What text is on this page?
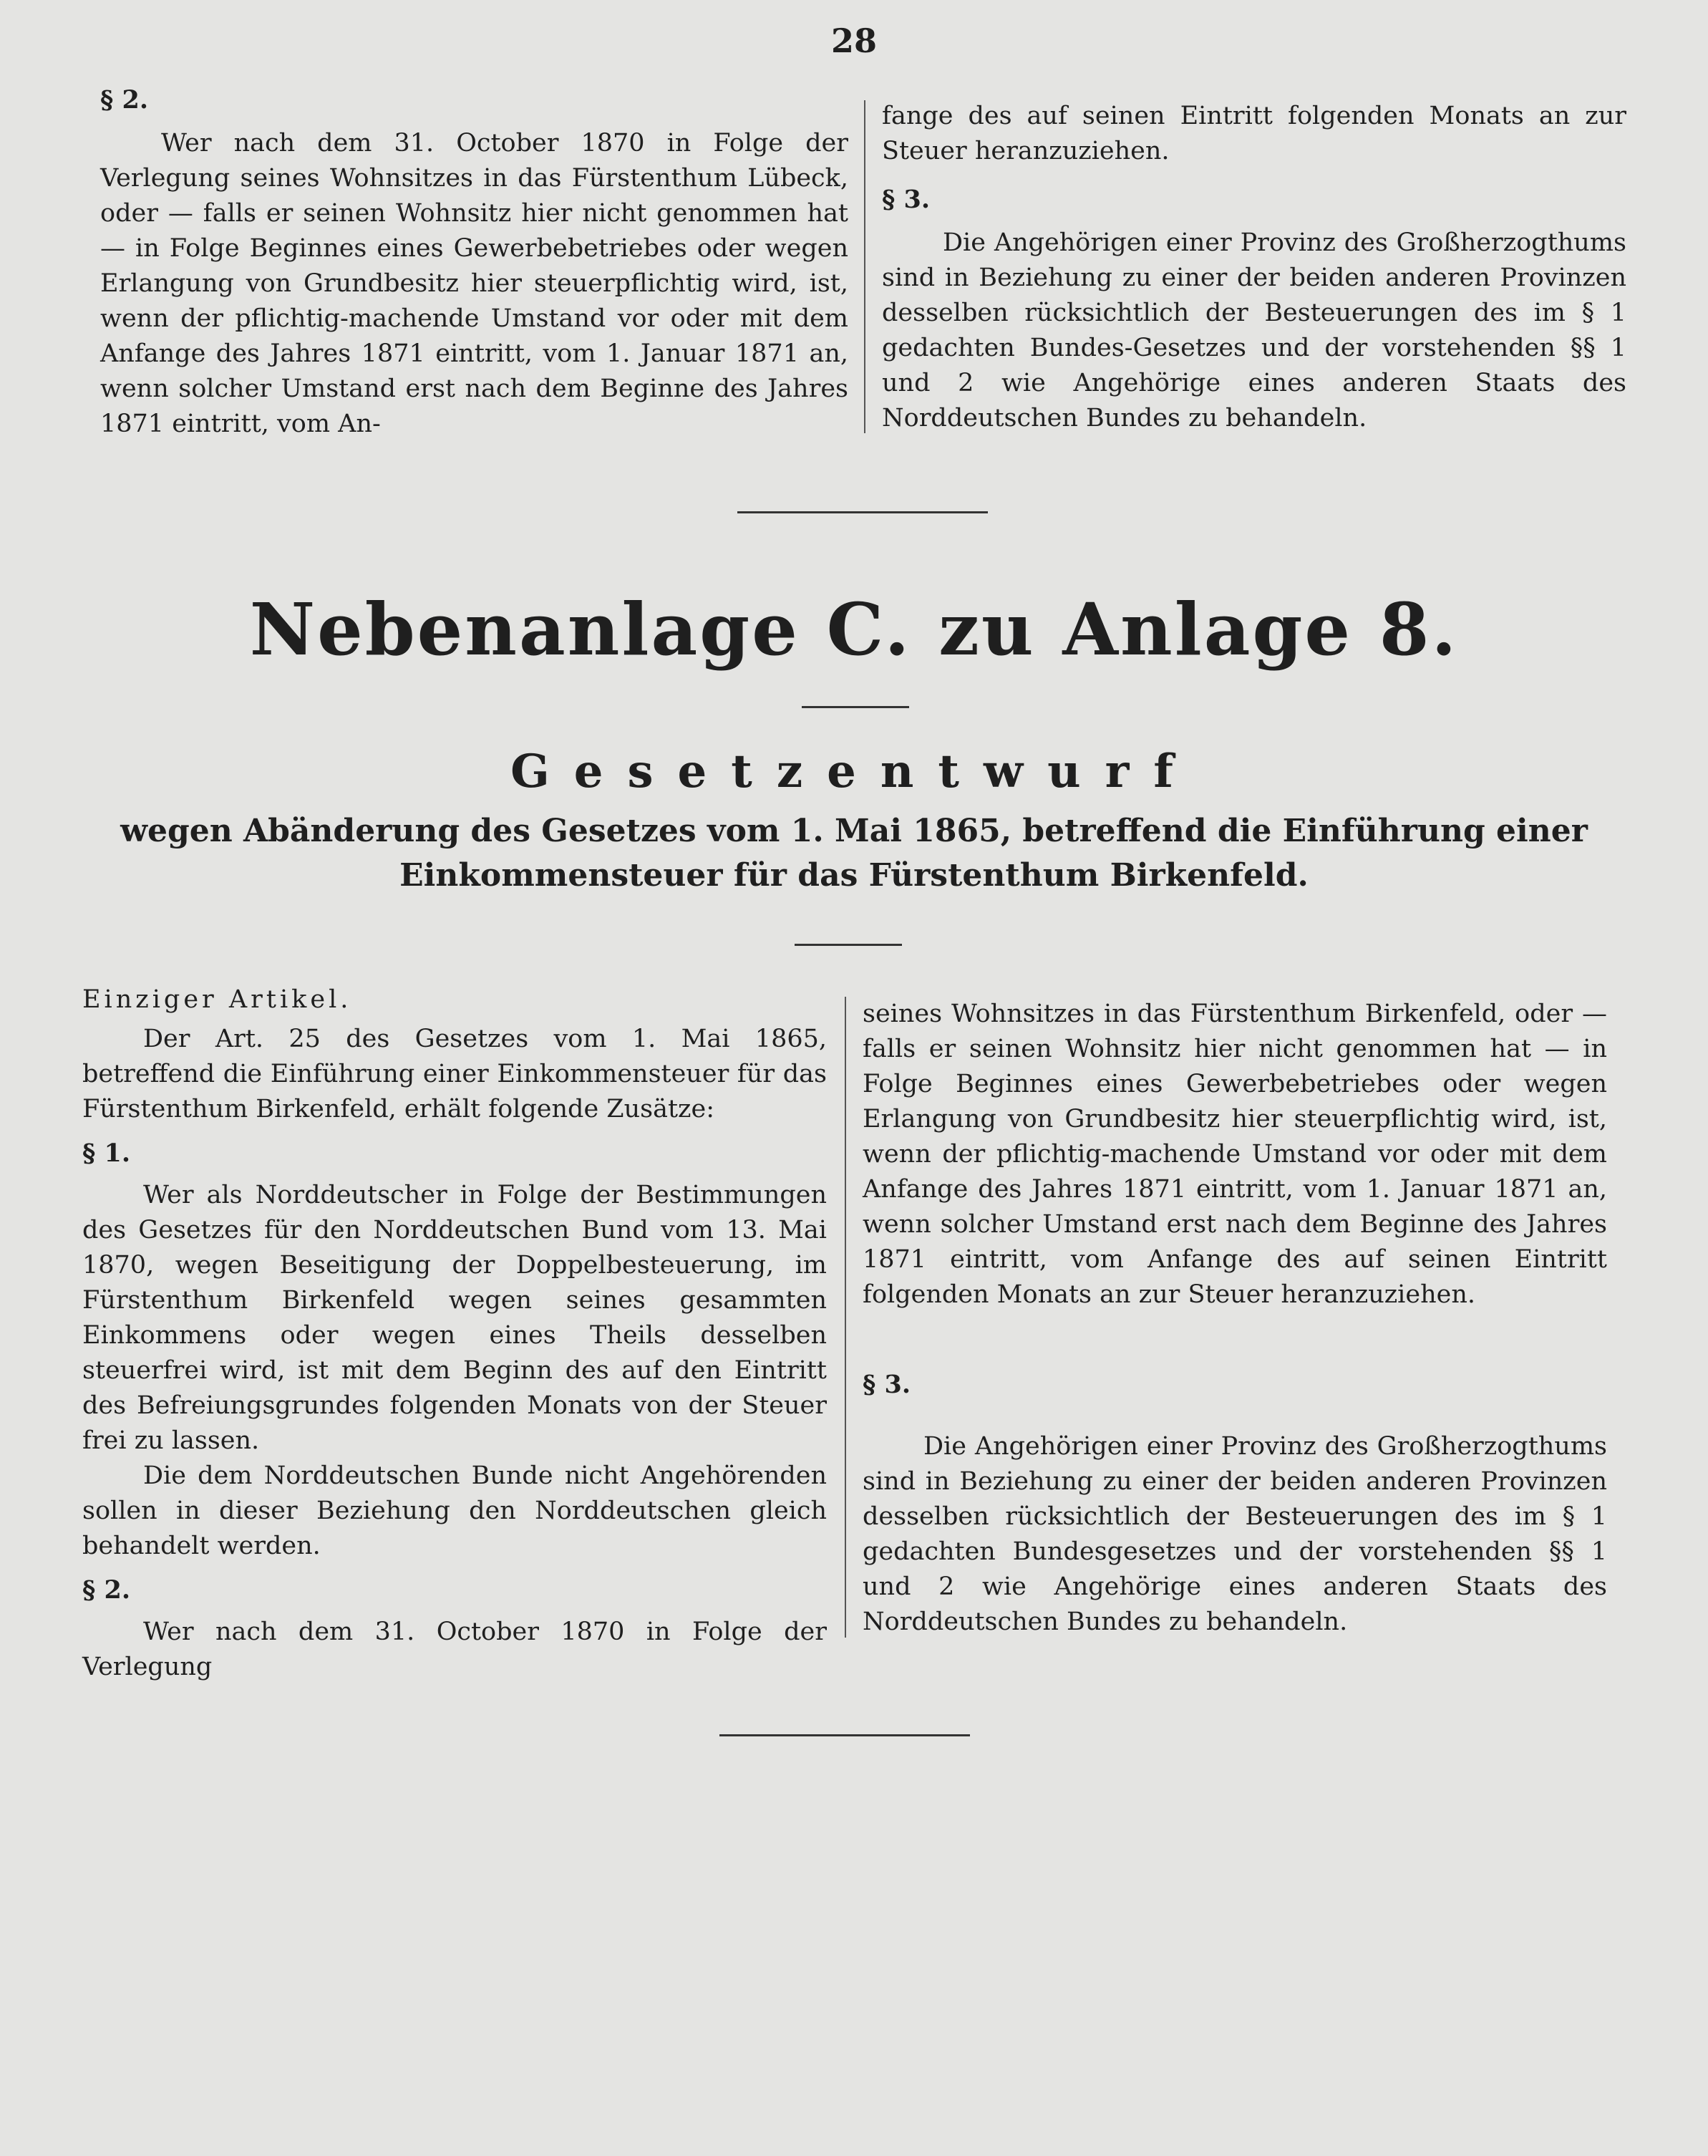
28

§ 2.

Wer nach dem 31. October 1870 in Folge der Verlegung seines Wohnsitzes in das Fürstenthum Lübeck, oder — falls er seinen Wohnsitz hier nicht genommen hat — in Folge Beginnes eines Gewerbebetriebes oder wegen Erlangung von Grundbesitz hier steuerpflichtig wird, ist, wenn der pflichtig-machende Umstand vor oder mit dem Anfange des Jahres 1871 eintritt, vom 1. Januar 1871 an, wenn solcher Umstand erst nach dem Beginne des Jahres 1871 eintritt, vom An-

fange des auf seinen Eintritt folgenden Monats an zur Steuer heranzuziehen.

§ 3.

Die Angehörigen einer Provinz des Großherzogthums sind in Beziehung zu einer der beiden anderen Provinzen desselben rücksichtlich der Besteuerungen des im § 1 gedachten Bundes-Gesetzes und der vorstehenden §§ 1 und 2 wie Angehörige eines anderen Staats des Norddeutschen Bundes zu behandeln.

Nebenanlage C. zu Anlage 8.
Gesetzentwurf
wegen Abänderung des Gesetzes vom 1. Mai 1865, betreffend die Einführung einer Einkommensteuer für das Fürstenthum Birkenfeld.

Einziger Artikel.

Der Art. 25 des Gesetzes vom 1. Mai 1865, betreffend die Einführung einer Einkommensteuer für das Fürstenthum Birkenfeld, erhält folgende Zusätze:

§ 1.

Wer als Norddeutscher in Folge der Bestimmungen des Gesetzes für den Norddeutschen Bund vom 13. Mai 1870, wegen Beseitigung der Doppelbesteuerung, im Fürstenthum Birkenfeld wegen seines gesammten Einkommens oder wegen eines Theils desselben steuerfrei wird, ist mit dem Beginn des auf den Eintritt des Befreiungsgrundes folgenden Monats von der Steuer frei zu lassen.

Die dem Norddeutschen Bunde nicht Angehörenden sollen in dieser Beziehung den Norddeutschen gleich behandelt werden.

§ 2.

Wer nach dem 31. October 1870 in Folge der Verlegung

seines Wohnsitzes in das Fürstenthum Birkenfeld, oder — falls er seinen Wohnsitz hier nicht genommen hat — in Folge Beginnes eines Gewerbebetriebes oder wegen Erlangung von Grundbesitz hier steuerpflichtig wird, ist, wenn der pflichtig-machende Umstand vor oder mit dem Anfange des Jahres 1871 eintritt, vom 1. Januar 1871 an, wenn solcher Umstand erst nach dem Beginne des Jahres 1871 eintritt, vom Anfange des auf seinen Eintritt folgenden Monats an zur Steuer heranzuziehen.

§ 3.

Die Angehörigen einer Provinz des Großherzogthums sind in Beziehung zu einer der beiden anderen Provinzen desselben rücksichtlich der Besteuerungen des im § 1 gedachten Bundesgesetzes und der vorstehenden §§ 1 und 2 wie Angehörige eines anderen Staats des Norddeutschen Bundes zu behandeln.
